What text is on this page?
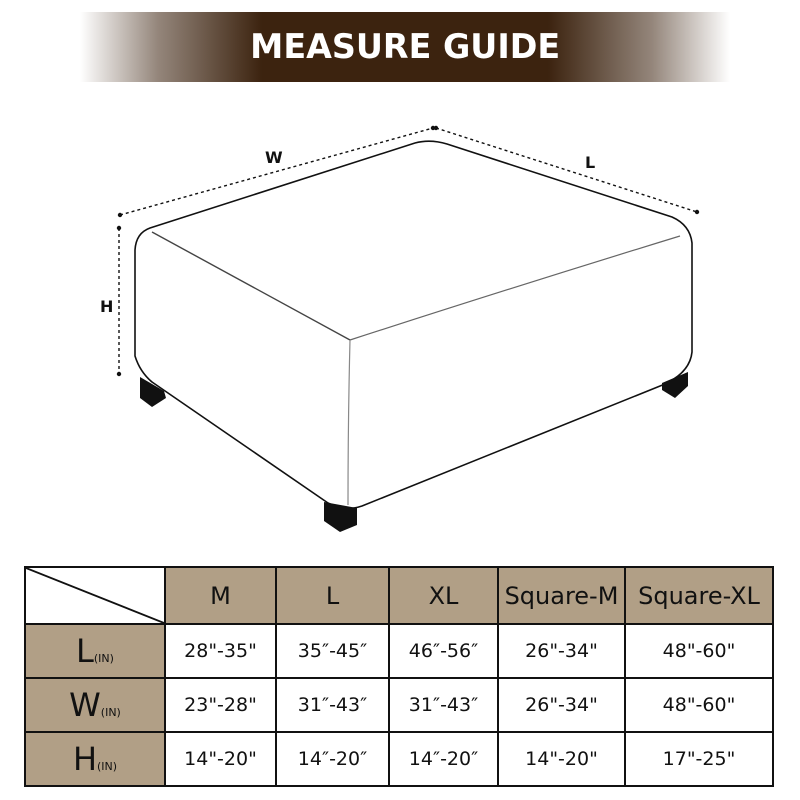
MEASURE GUIDE
W	L
H
	M	L	XL	Square-M	Square-XL
L(IN)	28"-35"	35″-45″	46″-56″	26"-34"	48"-60"
W(IN)	23"-28"	31″-43″	31″-43″	26"-34"	48"-60"
H(IN)	14"-20"	14″-20″	14″-20″	14"-20"	17"-25"
